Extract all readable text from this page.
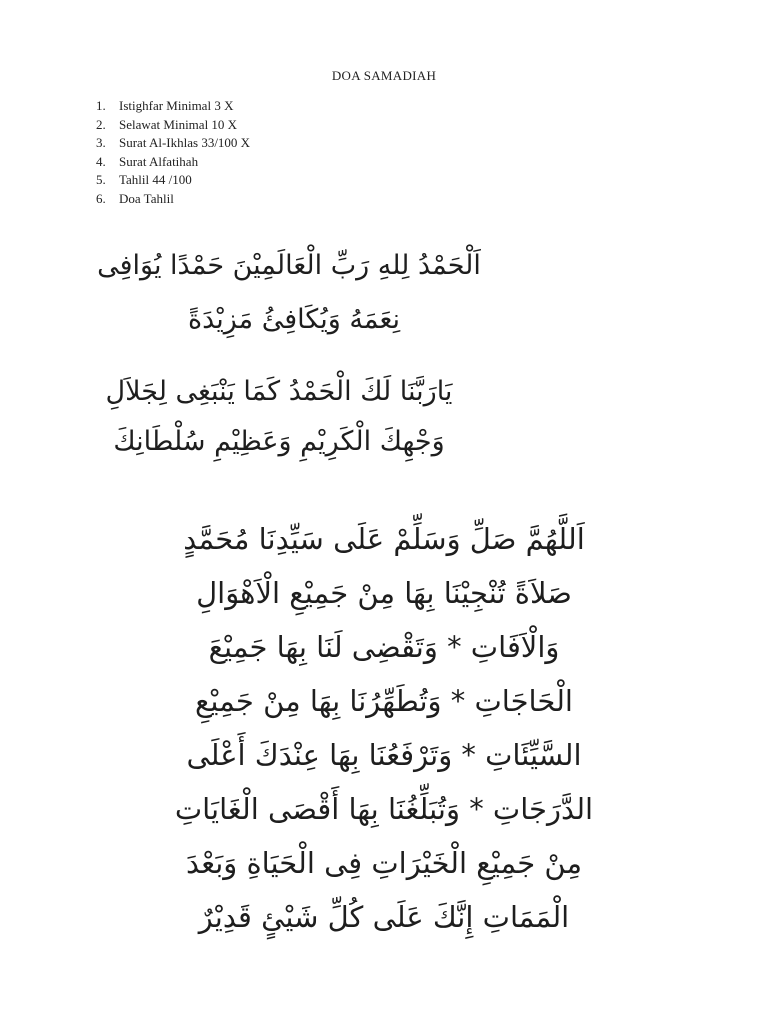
DOA SAMADIAH
1.	Istighfar Minimal 3 X
2.	Selawat Minimal 10 X
3.	Surat Al-Ikhlas 33/100 X
4.	Surat Alfatihah
5.	Tahlil 44 /100
6.	Doa Tahlil
اَلْحَمْدُ لِلهِ رَبِّ الْعَالَمِيْنَ حَمْدًا يُوَافِى
نِعَمَهُ وَيُكَافِئُ مَزِيْدَةً
يَارَبَّنَا لَكَ الْحَمْدُ كَمَا يَنْبَغِى لِجَلاَلِ
وَجْهِكَ الْكَرِيْمِ وَعَظِيْمِ سُلْطَانِكَ
اَللَّهُمَّ صَلِّ وَسَلِّمْ عَلَى سَيِّدِنَا مُحَمَّدٍ
صَلاَةً تُنْجِيْنَا بِهَا مِنْ جَمِيْعِ الْاَهْوَالِ
وَالْاَفَاتِ * وَتَقْضِى لَنَا بِهَا جَمِيْعَ
الْحَاجَاتِ * وَتُطَهِّرُنَا بِهَا مِنْ جَمِيْعِ
السَّيِّئَاتِ * وَتَرْفَعُنَا بِهَا عِنْدَكَ أَعْلَى
الدَّرَجَاتِ * وَتُبَلِّغُنَا بِهَا أَقْصَى الْغَايَاتِ
مِنْ جَمِيْعِ الْخَيْرَاتِ فِى الْحَيَاةِ وَبَعْدَ
الْمَمَاتِ إِنَّكَ عَلَى كُلِّ شَيْئٍ قَدِيْرٌ
